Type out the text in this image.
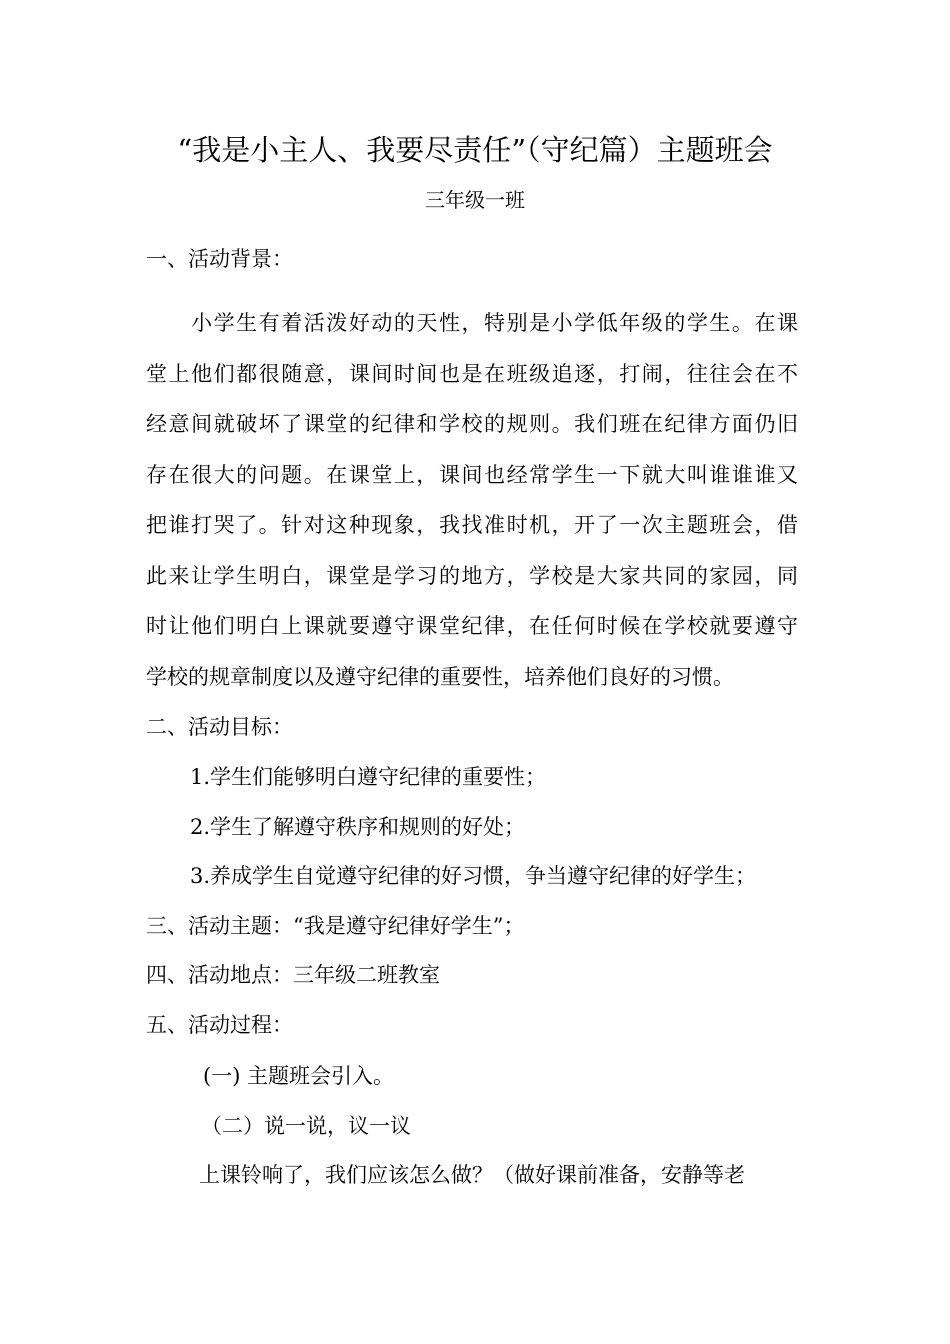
“我是小主人、我要尽责任”（守纪篇）主题班会
三年级一班
一、活动背景：
　　小学生有着活泼好动的天性，特别是小学低年级的学生。在课
堂上他们都很随意，课间时间也是在班级追逐，打闹，往往会在不
经意间就破坏了课堂的纪律和学校的规则。我们班在纪律方面仍旧
存在很大的问题。在课堂上，课间也经常学生一下就大叫谁谁谁又
把谁打哭了。针对这种现象，我找准时机，开了一次主题班会，借
此来让学生明白，课堂是学习的地方，学校是大家共同的家园，同
时让他们明白上课就要遵守课堂纪律，在任何时候在学校就要遵守
学校的规章制度以及遵守纪律的重要性，培养他们良好的习惯。
二、活动目标：
1.学生们能够明白遵守纪律的重要性；
2.学生了解遵守秩序和规则的好处；
3.养成学生自觉遵守纪律的好习惯，争当遵守纪律的好学生；
三、活动主题：“我是遵守纪律好学生”；
四、活动地点：三年级二班教室
五、活动过程：
(一) 主题班会引入。
（二）说一说，议一议
上课铃响了，我们应该怎么做？（做好课前准备，安静等老
